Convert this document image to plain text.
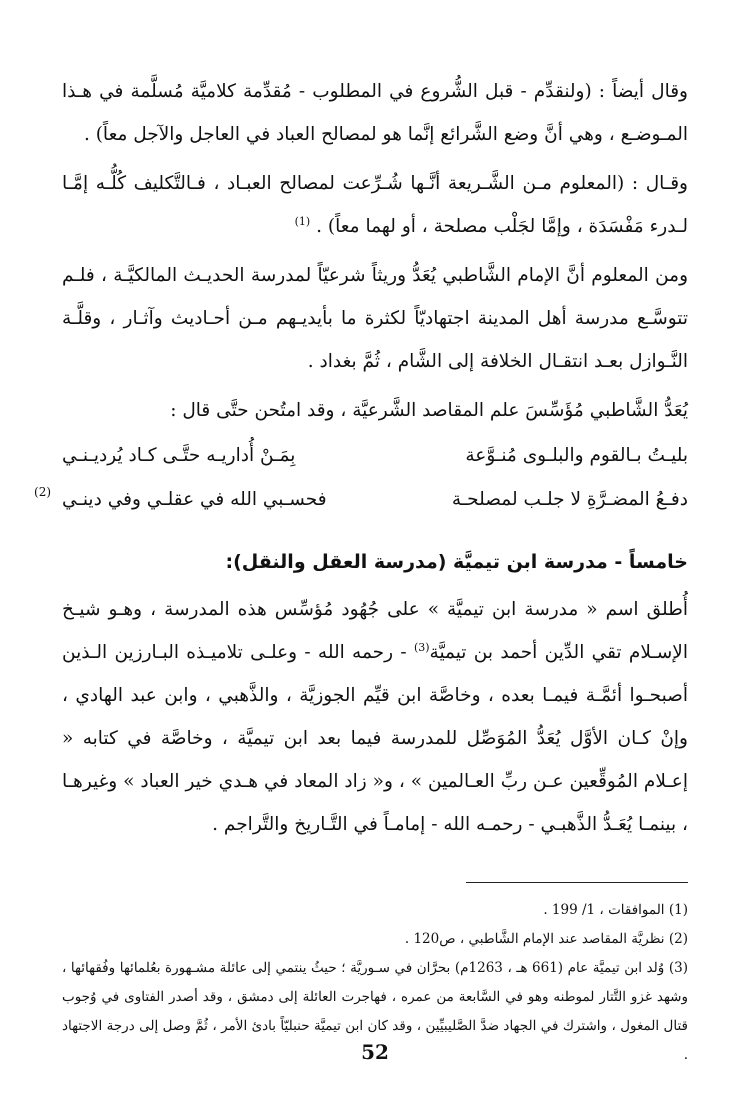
وقال أيضاً : (ولنقدِّم - قبل الشُّروع في المطلوب - مُقدِّمة كلاميَّة مُسلَّمة في هـذا المـوضـع ، وهي أنَّ وضع الشَّرائع إنَّما هو لمصالح العباد في العاجل والآجل معاً) .

وقـال : (المعلوم مـن الشَّـريعة أنَّـها شُـرِّعت لمصالح العبـاد ، فـالتَّكليف كُلُّـه إمَّـا لـدرء مَفْسَدَة ، وإمَّا لجَلْب مصلحة ، أو لهما معاً) . $^{(1)}$

ومن المعلوم أنَّ الإمام الشَّاطبي يُعَدُّ وريثاً شرعيّاً لمدرسة الحديـث المالكيَّـة ، فلـم تتوسَّـع مدرسة أهل المدينة اجتهاديّاً لكثرة ما بأيديـهم مـن أحـاديث وآثـار ، وقلَّـة النَّـوازل بعـد انتقـال الخلافة إلى الشَّام ، ثُمَّ بغداد .

يُعَدُّ الشَّاطبي مُؤَسِّسَ علم المقاصد الشَّرعيَّة ، وقد امتُحن حتَّى قال :

بليـتُ بـالقوم والبلـوى مُنـوَّعة
بِمَـنْ أُداريـه حتَّـى كـاد يُرديـنـي
دفـعُ المضـرَّةِ لا جلـب لمصلحـة
فحسـبي الله في عقلـي وفي دينـي
(2)
خامساً - مدرسة ابن تيميَّة (مدرسة العقل والنقل):

أُطلق اسم « مدرسة ابن تيميَّة » على جُهُود مُؤسِّس هذه المدرسة ، وهـو شيـخ الإسـلام تقي الدِّين أحمد بن تيميَّة$^{(3)}$ - رحمه الله - وعلـى تلاميـذه البـارزين الـذين أصبحـوا أئمَّـة فيمـا بعده ، وخاصَّة ابن قيِّم الجوزيَّة ، والذَّهبي ، وابن عبد الهادي ، وإنْ كـان الأوَّل يُعَدُّ المُوَصِّل للمدرسة فيما بعد ابن تيميَّة ، وخاصَّة في كتابه « إعـلام المُوقِّعين عـن ربِّ العـالمين » ، و« زاد المعاد في هـدي خير العباد » وغيرهـا ، بينمـا يُعَـدُّ الذَّهبـي - رحمـه الله - إمامـاً في التَّـاريخ والتَّراجم .

(1) الموافقات ، 1/ 199 .

(2) نظريَّة المقاصد عند الإمام الشَّاطبي ، ص120 .

(3) وُلد ابن تيميَّة عام (661 هـ ، 1263م) بحرَّان في سـوريَّة ؛ حيثُ ينتمي إلى عائلة مشـهورة بعُلمائها وفُقهائها ، وشهد غزو التَّتار لموطنه وهو في السَّابعة من عمره ، فهاجرت العائلة إلى دمشق ، وقد أصدر الفتاوى في وُجوب قتال المغول ، واشترك في الجهاد ضدَّ الصَّليبيِّين ، وقد كان ابن تيميَّة حنبليّاً بادئ الأمر ، ثُمَّ وصل إلى درجة الاجتهاد .

52
